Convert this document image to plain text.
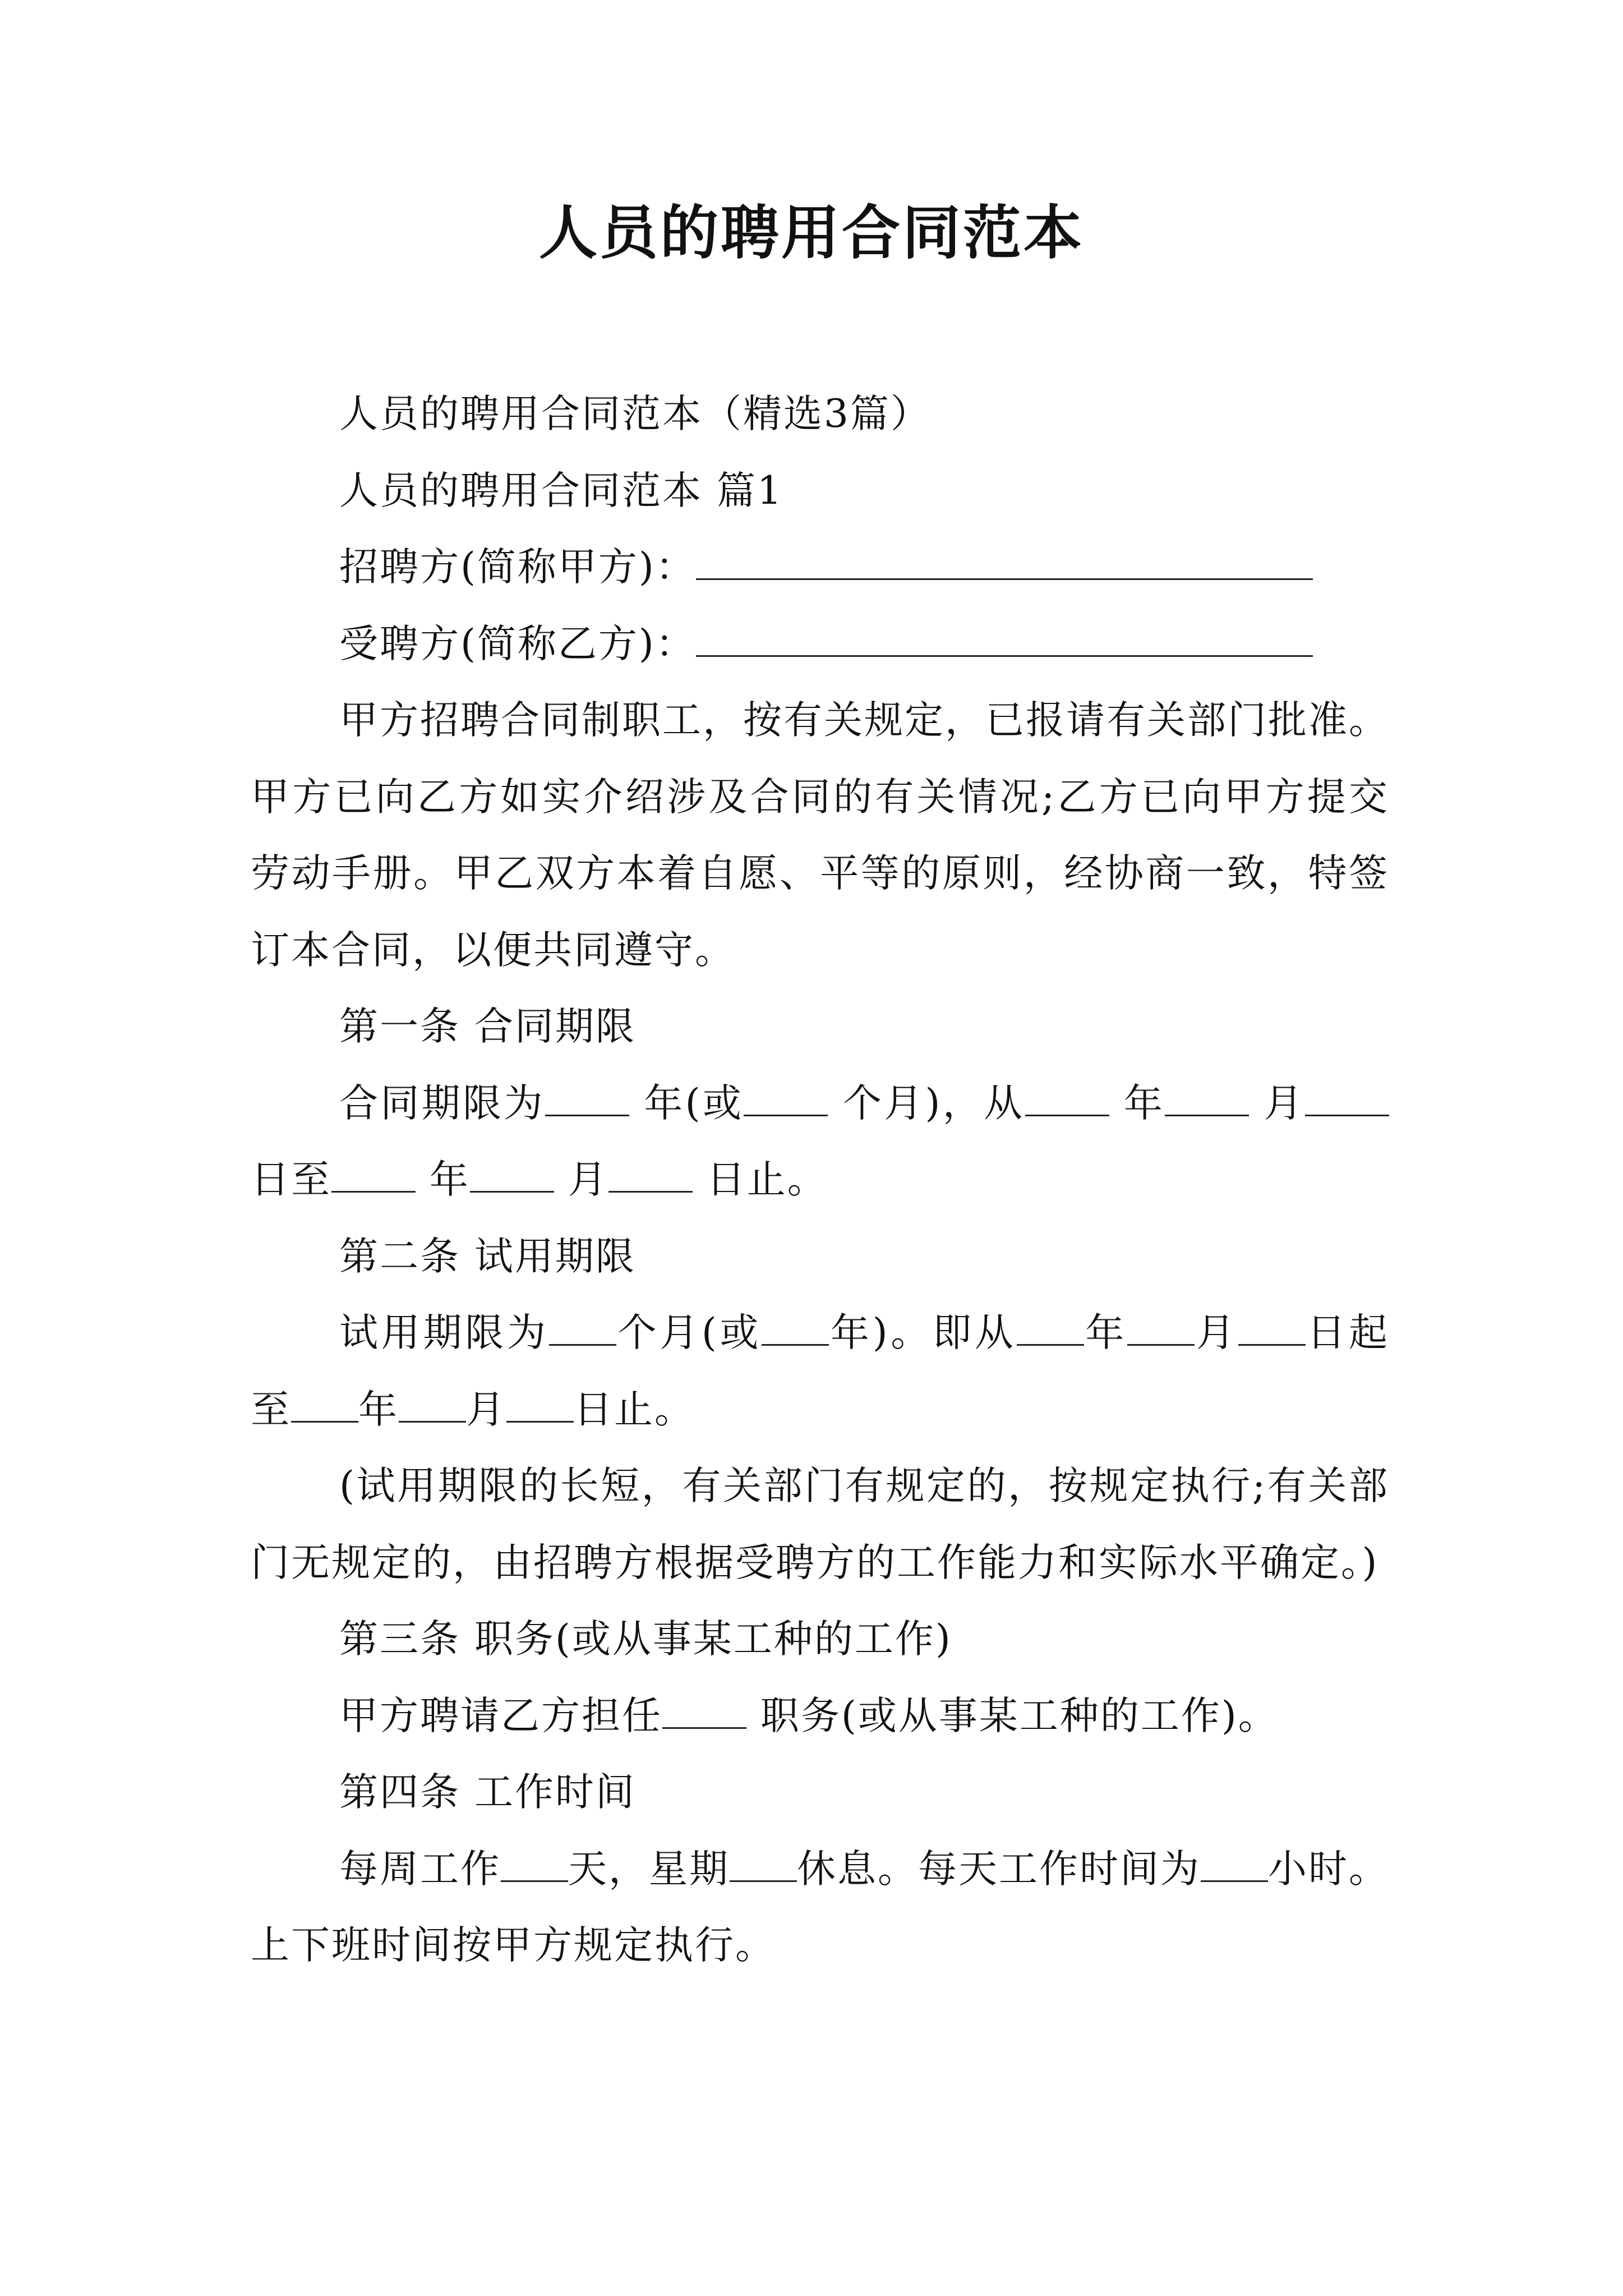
人员的聘用合同范本

人员的聘用合同范本（精选3篇）

人员的聘用合同范本 篇1

招聘方(简称甲方)：

受聘方(简称乙方)：

甲方招聘合同制职工，按有关规定，已报请有关部门批准。甲方已向乙方如实介绍涉及合同的有关情况;乙方已向甲方提交劳动手册。甲乙双方本着自愿、平等的原则，经协商一致，特签订本合同，以便共同遵守。

第一条 合同期限

合同期限为 年(或 个月)，从 年 月 日至 年 月 日止。

第二条 试用期限

试用期限为 个月(或 年)。即从 年 月 日起至 年 月 日止。

(试用期限的长短，有关部门有规定的，按规定执行;有关部门无规定的，由招聘方根据受聘方的工作能力和实际水平确定。)

第三条 职务(或从事某工种的工作)

甲方聘请乙方担任 职务(或从事某工种的工作)。

第四条 工作时间

每周工作 天，星期 休息。每天工作时间为 小时。上下班时间按甲方规定执行。
